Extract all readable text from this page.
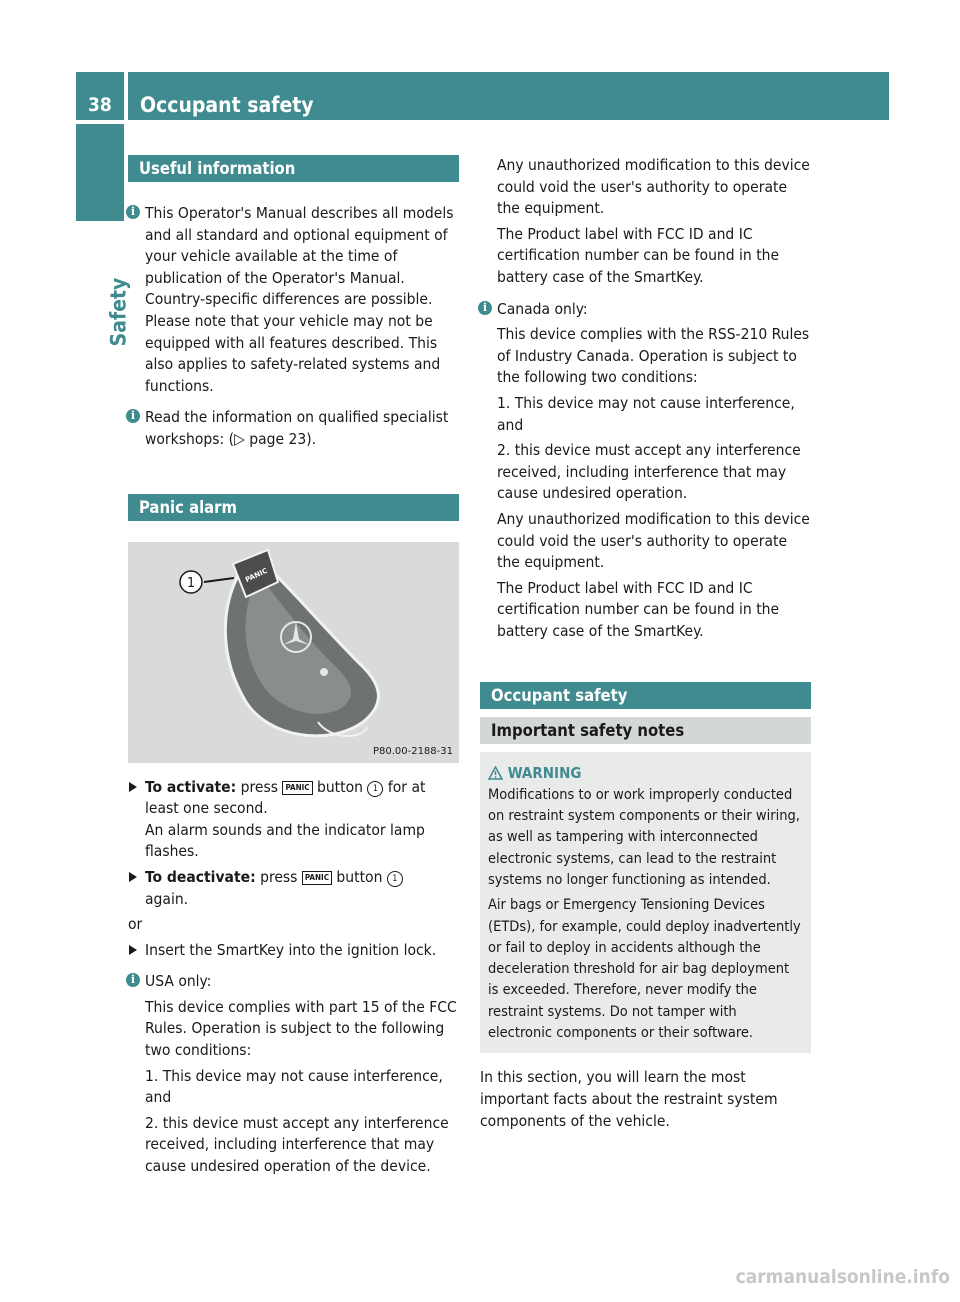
38	Occupant safety
Safety
Useful information
i This Operator's Manual describes all models and all standard and optional equipment of your vehicle available at the time of publication of the Operator's Manual. Country-specific differences are possible. Please note that your vehicle may not be equipped with all features described. This also applies to safety-related systems and functions.

i Read the information on qualified specialist workshops: (▷ page 23).

Panic alarm
1	PANIC
P80.00-2188-31

To activate: press PANIC button 1 for at least one second.
An alarm sounds and the indicator lamp flashes.

To deactivate: press PANIC button 1
again.

or

Insert the SmartKey into the ignition lock.

i USA only:

This device complies with part 15 of the FCC Rules. Operation is subject to the following two conditions:

1. This device may not cause interference, and

2. this device must accept any interference received, including interference that may cause undesired operation of the device.

Any unauthorized modification to this device could void the user's authority to operate the equipment.

The Product label with FCC ID and IC certification number can be found in the battery case of the SmartKey.

i Canada only:

This device complies with the RSS-210 Rules of Industry Canada. Operation is subject to the following two conditions:

1. This device may not cause interference, and

2. this device must accept any interference received, including interference that may cause undesired operation.

Any unauthorized modification to this device could void the user's authority to operate the equipment.

The Product label with FCC ID and IC certification number can be found in the battery case of the SmartKey.

Occupant safety
Important safety notes

WARNING

Modifications to or work improperly conducted on restraint system components or their wiring, as well as tampering with interconnected electronic systems, can lead to the restraint systems no longer functioning as intended.

Air bags or Emergency Tensioning Devices (ETDs), for example, could deploy inadvertently or fail to deploy in accidents although the deceleration threshold for air bag deployment is exceeded. Therefore, never modify the restraint systems. Do not tamper with electronic components or their software.

In this section, you will learn the most important facts about the restraint system components of the vehicle.

carmanualsonline.info
